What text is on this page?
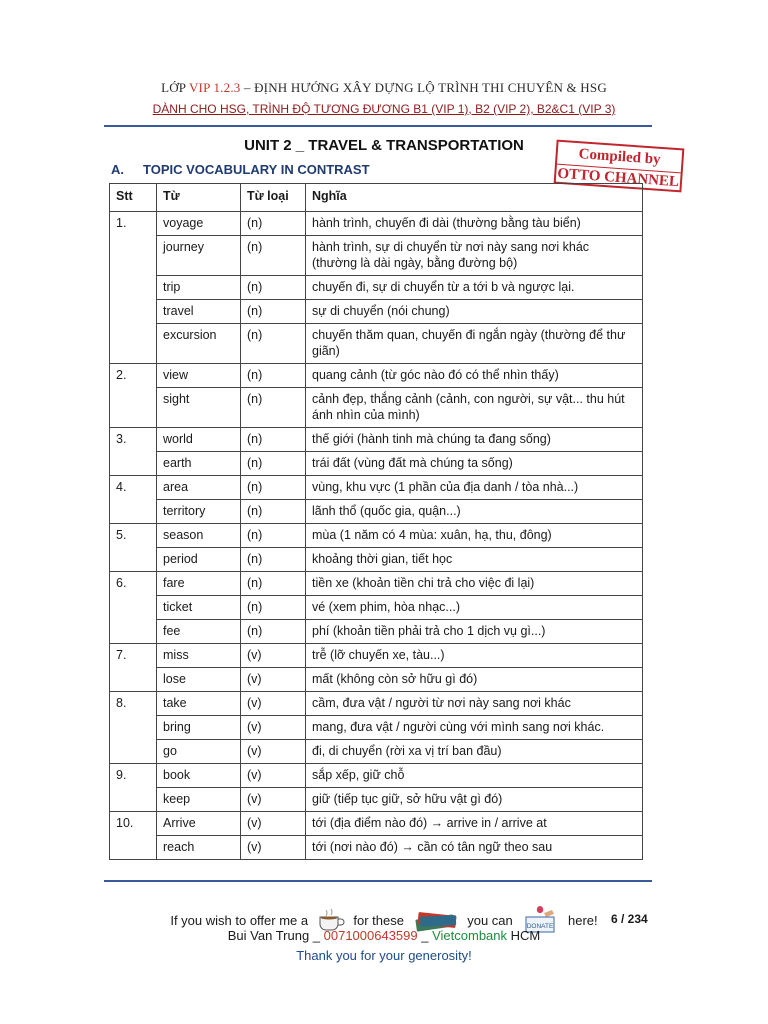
LỚP VIP 1.2.3 – ĐỊNH HƯỚNG XÂY DỰNG LỘ TRÌNH THI CHUYÊN & HSG
DÀNH CHO HSG, TRÌNH ĐỘ TƯƠNG ĐƯƠNG B1 (VIP 1), B2 (VIP 2), B2&C1 (VIP 3)
UNIT 2 _ TRAVEL & TRANSPORTATION
A. TOPIC VOCABULARY IN CONTRAST
Compiled by
OTTO CHANNEL
Stt	Từ	Từ loại	Nghĩa
1.	voyage	(n)	hành trình, chuyến đi dài (thường bằng tàu biển)
	journey	(n)	hành trình, sự di chuyển từ nơi này sang nơi khác (thường là dài ngày, bằng đường bộ)
	trip	(n)	chuyến đi, sự di chuyển từ a tới b và ngược lại.
	travel	(n)	sự di chuyển (nói chung)
	excursion	(n)	chuyến thăm quan, chuyến đi ngắn ngày (thường để thư giãn)
2.	view	(n)	quang cảnh (từ góc nào đó có thể nhìn thấy)
	sight	(n)	cảnh đẹp, thắng cảnh (cảnh, con người, sự vật... thu hút ánh nhìn của mình)
3.	world	(n)	thế giới (hành tinh mà chúng ta đang sống)
	earth	(n)	trái đất (vùng đất mà chúng ta sống)
4.	area	(n)	vùng, khu vực (1 phần của địa danh / tòa nhà...)
	territory	(n)	lãnh thổ (quốc gia, quận...)
5.	season	(n)	mùa (1 năm có 4 mùa: xuân, hạ, thu, đông)
	period	(n)	khoảng thời gian, tiết học
6.	fare	(n)	tiền xe (khoản tiền chi trả cho việc đi lại)
	ticket	(n)	vé (xem phim, hòa nhạc...)
	fee	(n)	phí (khoản tiền phải trả cho 1 dịch vụ gì...)
7.	miss	(v)	trễ (lỡ chuyến xe, tàu...)
	lose	(v)	mất (không còn sở hữu gì đó)
8.	take	(v)	cầm, đưa vật / người từ nơi này sang nơi khác
	bring	(v)	mang, đưa vật / người cùng với mình sang nơi khác.
	go	(v)	đi, di chuyển (rời xa vị trí ban đầu)
9.	book	(v)	sắp xếp, giữ chỗ
	keep	(v)	giữ (tiếp tục giữ, sở hữu vật gì đó)
10.	Arrive	(v)	tới (địa điểm nào đó) → arrive in / arrive at
	reach	(v)	tới (nơi nào đó) → cần có tân ngữ theo sau
If you wish to offer me a	for these	you can DONATE here!	6 / 234
Bui Van Trung _ 0071000643599 _ Vietcombank HCM
Thank you for your generosity!
